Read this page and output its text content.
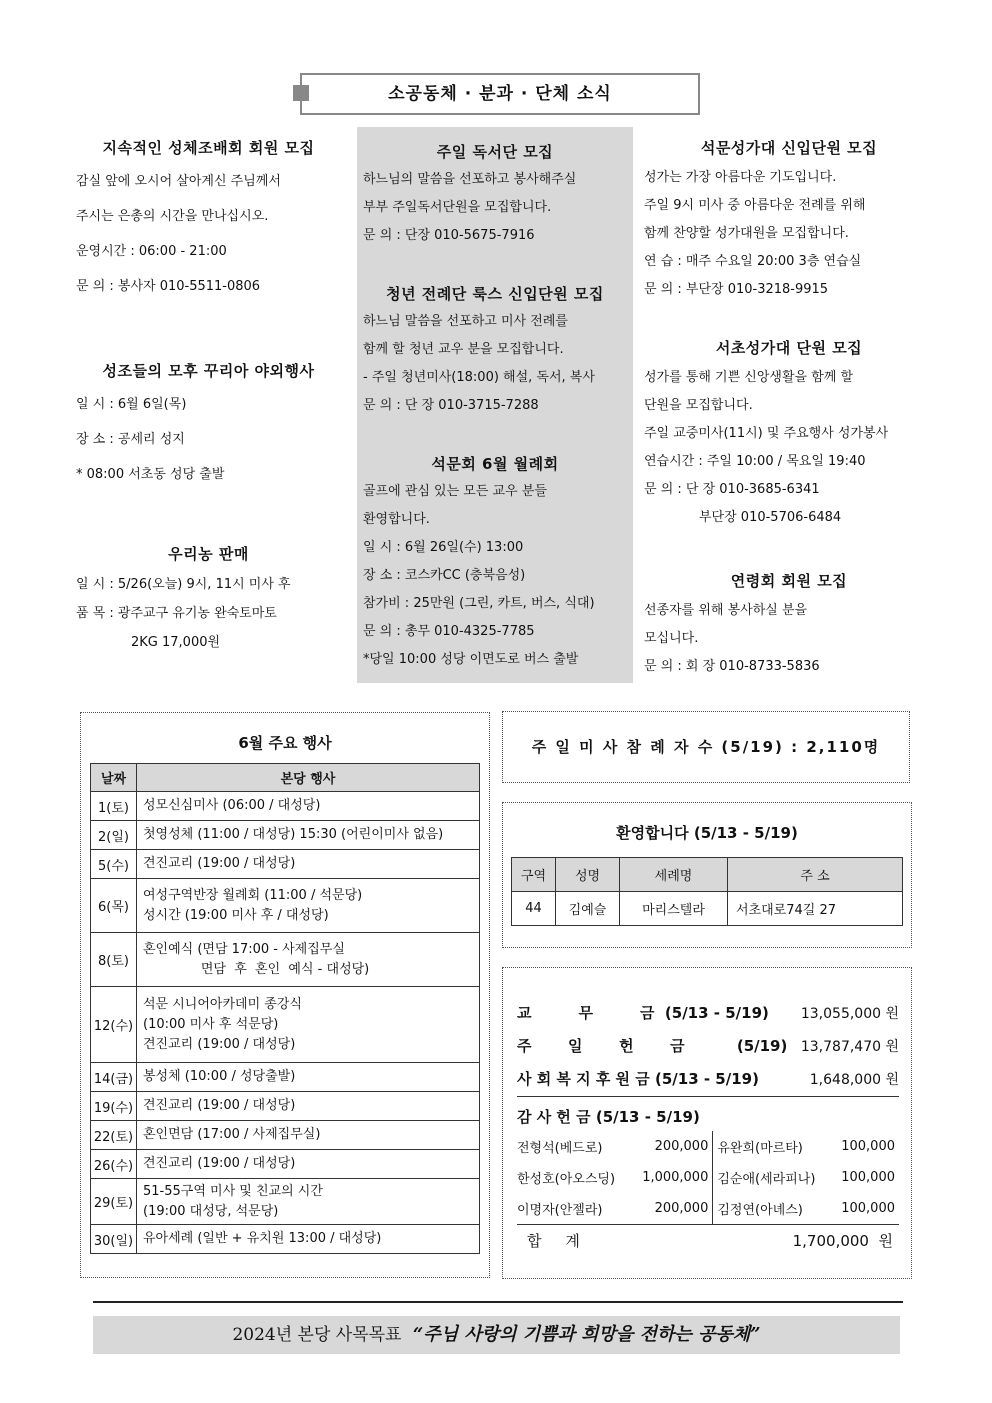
소공동체 · 분과 · 단체 소식
지속적인 성체조배회 회원 모집

감실 앞에 오시어 살아계신 주님께서

주시는 은총의 시간을 만나십시오.

운영시간 : 06:00 - 21:00

문 의 : 봉사자 010-5511-0806

성조들의 모후 꾸리아 야외행사

일 시 : 6월 6일(목)

장 소 : 공세리 성지

* 08:00 서초동 성당 출발

우리농 판매

일 시 : 5/26(오늘) 9시, 11시 미사 후

품 목 : 광주교구 유기농 완숙토마토

2KG 17,000원

주일 독서단 모집

하느님의 말씀을 선포하고 봉사해주실

부부 주일독서단원을 모집합니다.

문 의 : 단장 010-5675-7916

청년 전례단 룩스 신입단원 모집

하느님 말씀을 선포하고 미사 전례를

함께 할 청년 교우 분을 모집합니다.

- 주일 청년미사(18:00) 해설, 독서, 복사

문 의 : 단 장 010-3715-7288

석문회 6월 월례회

골프에 관심 있는 모든 교우 분들

환영합니다.

일 시 : 6월 26일(수) 13:00

장 소 : 코스카CC (충북음성)

참가비 : 25만원 (그린, 카트, 버스, 식대)

문 의 : 총무 010-4325-7785

*당일 10:00 성당 이면도로 버스 출발

석문성가대 신입단원 모집

성가는 가장 아름다운 기도입니다.

주일 9시 미사 중 아름다운 전례를 위해

함께 찬양할 성가대원을 모집합니다.

연 습 : 매주 수요일 20:00 3층 연습실

문 의 : 부단장 010-3218-9915

서초성가대 단원 모집

성가를 통해 기쁜 신앙생활을 함께 할

단원을 모집합니다.

주일 교중미사(11시) 및 주요행사 성가봉사

연습시간 : 주일 10:00 / 목요일 19:40

문 의 : 단 장 010-3685-6341

부단장 010-5706-6484

연령회 회원 모집

선종자를 위해 봉사하실 분을

모십니다.

문 의 : 회 장 010-8733-5836

6월 주요 행사
날짜	본당 행사
1(토)	성모신심미사 (06:00 / 대성당)

2(일)	첫영성체 (11:00 / 대성당) 15:30 (어린이미사 없음)

5(수)	견진교리 (19:00 / 대성당)

6(목)	여성구역반장 월례회 (11:00 / 석문당)
성시간 (19:00 미사 후 / 대성당)

8(토)	혼인예식 (면담 17:00 - 사제집무실
면담  후  혼인  예식 - 대성당)

12(수)	석문 시니어아카데미 종강식
(10:00 미사 후 석문당)
견진교리 (19:00 / 대성당)

14(금)	봉성체 (10:00 / 성당출발)

19(수)	견진교리 (19:00 / 대성당)

22(토)	혼인면담 (17:00 / 사제집무실)

26(수)	견진교리 (19:00 / 대성당)

29(토)	51-55구역 미사 및 친교의 시간
(19:00 대성당, 석문당)

30(일)	유아세례 (일반 + 유치원 13:00 / 대성당)
주 일 미 사 참 례 자 수 (5/19) : 2,110명
환영합니다 (5/13 - 5/19)
구역	성명	세례명	주 소
44	김예슬	마리스텔라	서초대로74길 27
교         무         금  (5/13 - 5/19) 13,055,000 원
주       일       헌       금          (5/19) 13,787,470 원
사 회 복 지 후 원 금 (5/13 - 5/19)	1,648,000 원
감 사 헌 금 (5/13 - 5/19)
전형석(베드로)	200,000	유완희(마르타)	100,000
한성호(아오스딩)	1,000,000	김순애(세라피나)	100,000
이명자(안젤라)	200,000	김정연(아녜스)	100,000
합     계	1,700,000  원
2024년 본당 사목목표 “주님 사랑의 기쁨과 희망을 전하는 공동체”
